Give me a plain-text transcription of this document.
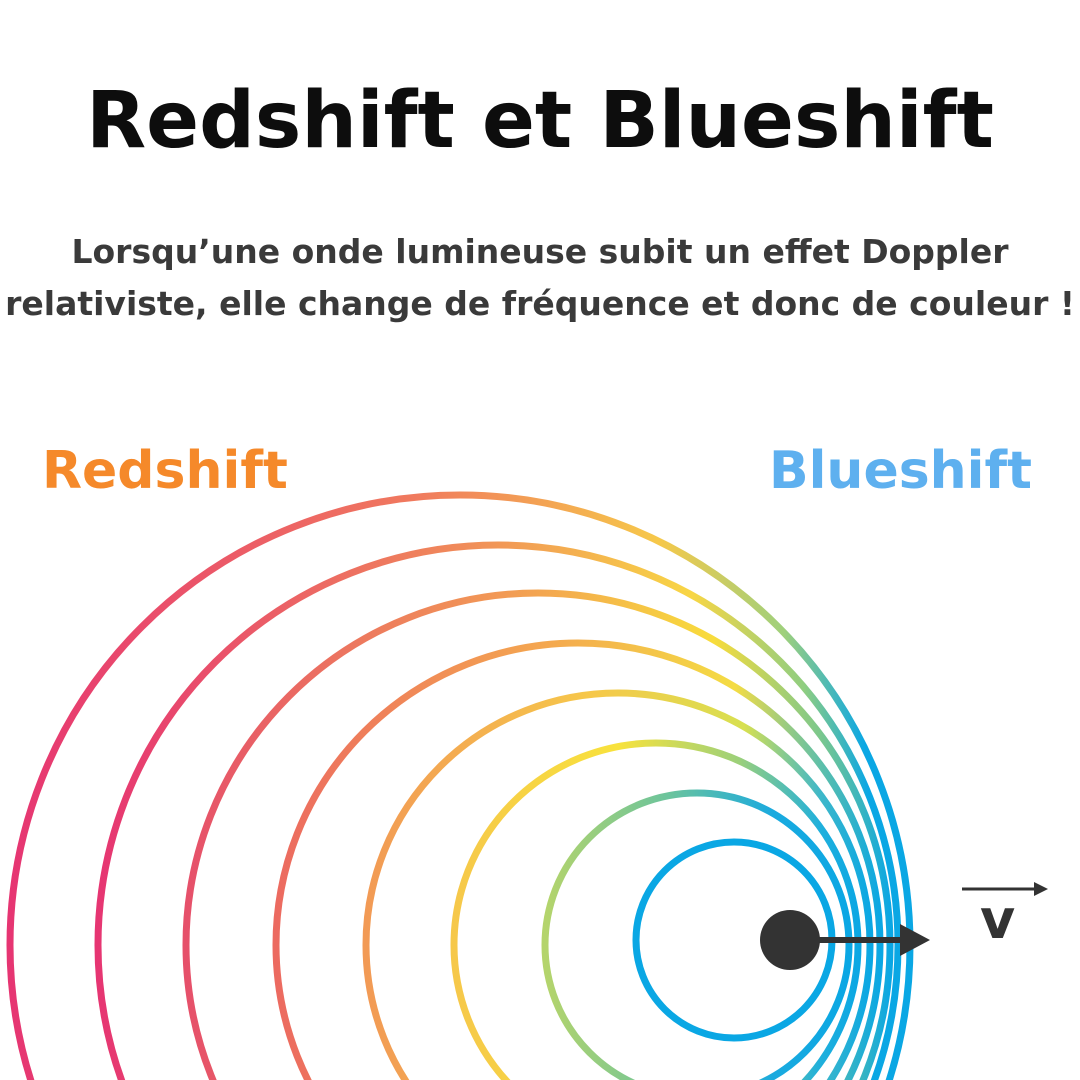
Redshift et Blueshift
Lorsqu’une onde lumineuse subit un effet Doppler
relativiste, elle change de fréquence et donc de couleur !
Redshift	Blueshift
v
